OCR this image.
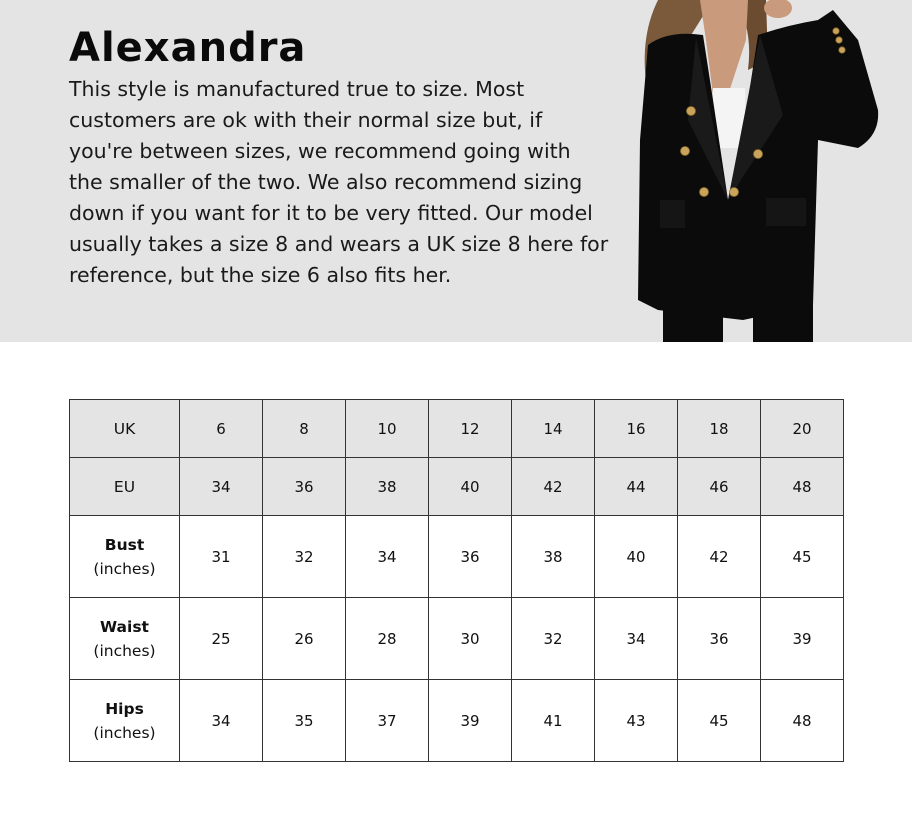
Alexandra

This style is manufactured true to size. Most customers are ok with their normal size but, if you're between sizes, we recommend going with the smaller of the two. We also recommend sizing down if you want for it to be very fitted. Our model usually takes a size 8 and wears a UK size 8 here for reference, but the size 6 also fits her.

UK	6	8	10	12	14	16	18	20
EU	34	36	38	40	42	44	46	48

Bust
(inches)	31	32	34	36	38	40	42	45

Waist
(inches)	25	26	28	30	32	34	36	39

Hips
(inches)	34	35	37	39	41	43	45	48
